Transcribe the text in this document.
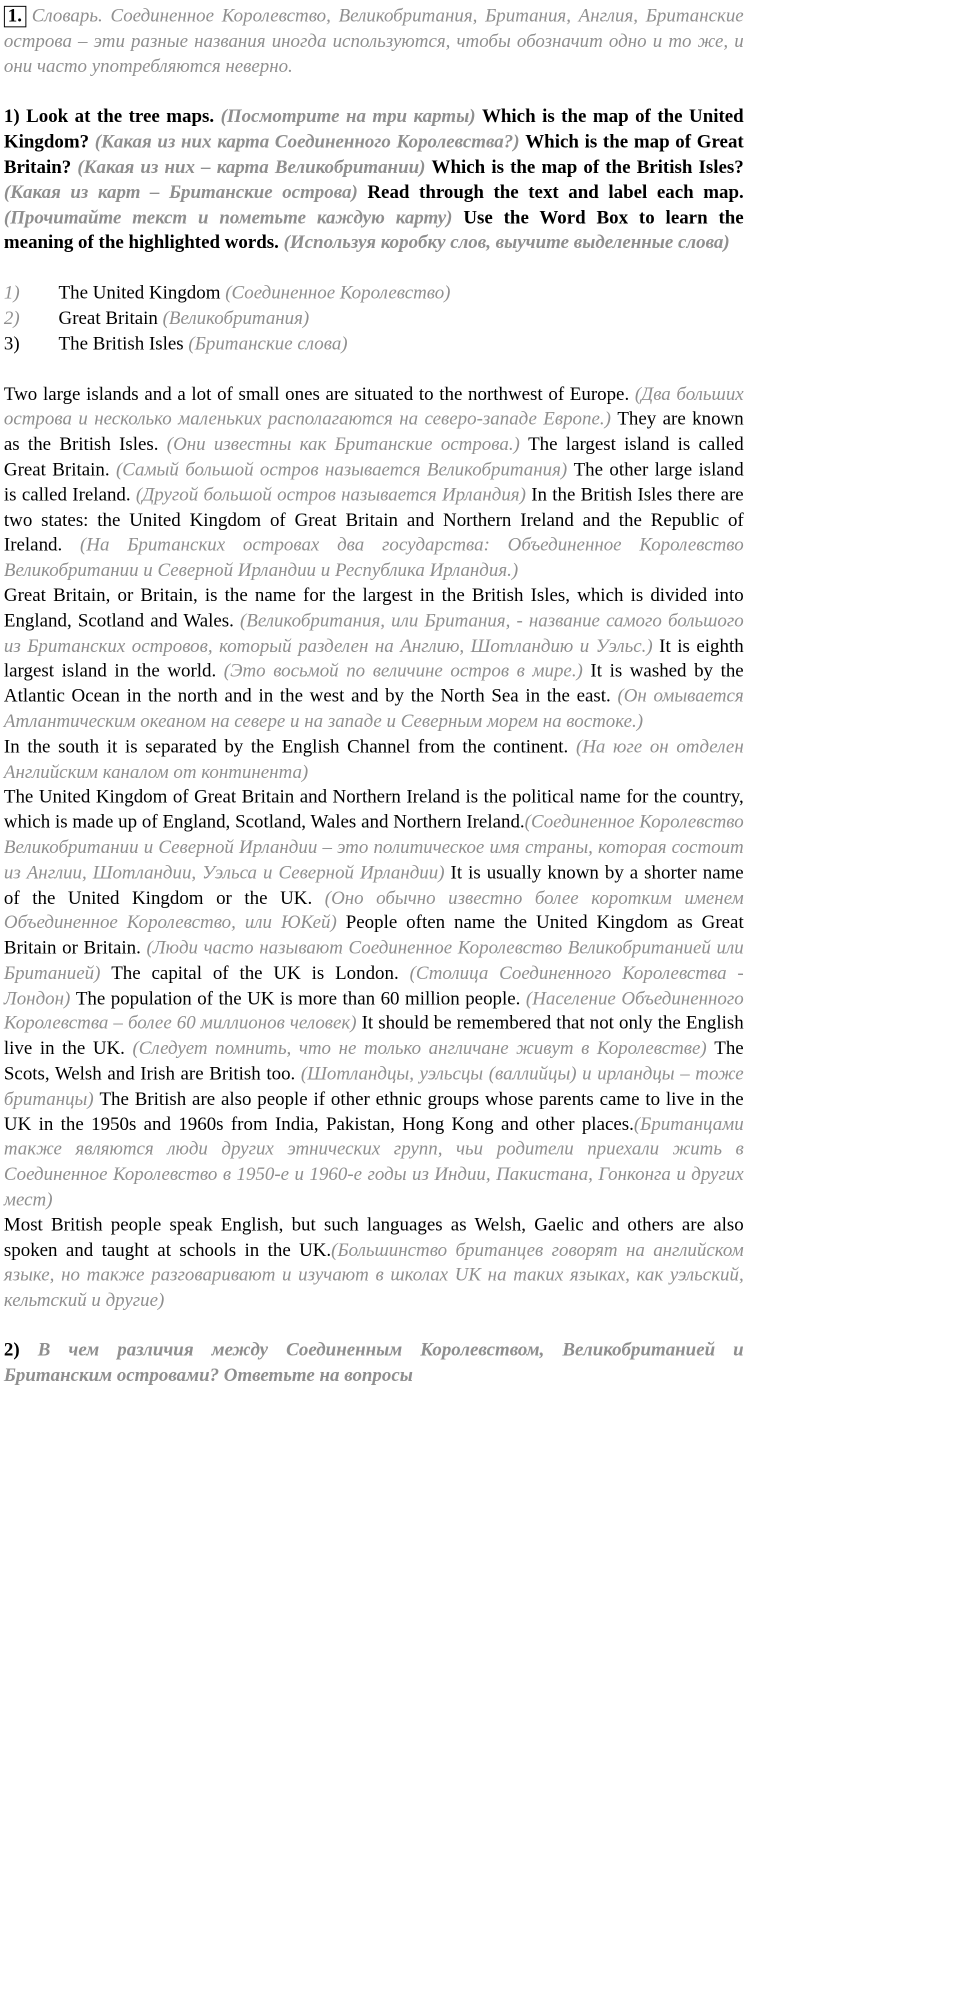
1. Словарь. Соединенное Королевство, Великобритания, Британия, Англия, Британские острова – эти разные названия иногда используются, чтобы обозначит одно и то же, и они часто употребляются неверно.

1) Look at the tree maps. (Посмотрите на три карты) Which is the map of the United Kingdom? (Какая из них карта Соединенного Королевства?) Which is the map of Great Britain? (Какая из них – карта Великобритании) Which is the map of the British Isles? (Какая из карт – Британские острова) Read through the text and label each map. (Прочитайте текст и пометьте каждую карту) Use the Word Box to learn the meaning of the highlighted words. (Используя коробку слов, выучите выделенные слова)

1)	The United Kingdom (Соединенное Королевство)
2)	Great Britain (Великобритания)
3)	The British Isles (Британские слова)

Two large islands and a lot of small ones are situated to the northwest of Europe. (Два больших острова и несколько маленьких располагаются на северо-западе Европе.) They are known as the British Isles. (Они известны как Британские острова.) The largest island is called Great Britain. (Самый большой остров называется Великобритания) The other large island is called Ireland. (Другой большой остров называется Ирландия) In the British Isles there are two states: the United Kingdom of Great Britain and Northern Ireland and the Republic of Ireland. (На Британских островах два государства: Объединенное Королевство Великобритании и Северной Ирландии и Республика Ирландия.)

Great Britain, or Britain, is the name for the largest in the British Isles, which is divided into England, Scotland and Wales. (Великобритания, или Британия, - название самого большого из Британских островов, который разделен на Англию, Шотландию и Уэльс.) It is eighth largest island in the world. (Это восьмой по величине остров в мире.) It is washed by the Atlantic Ocean in the north and in the west and by the North Sea in the east. (Он омывается Атлантическим океаном на севере и на западе и Северным морем на востоке.)

In the south it is separated by the English Channel from the continent. (На юге он отделен Английским каналом от континента)

The United Kingdom of Great Britain and Northern Ireland is the political name for the country, which is made up of England, Scotland, Wales and Northern Ireland.(Соединенное Королевство Великобритании и Северной Ирландии – это политическое имя страны, которая состоит из Англии, Шотландии, Уэльса и Северной Ирландии) It is usually known by a shorter name of the United Kingdom or the UK. (Оно обычно известно более коротким именем Объединенное Королевство, или ЮКей) People often name the United Kingdom as Great Britain or Britain. (Люди часто называют Соединенное Королевство Великобританией или Британией) The capital of the UK is London. (Столица Соединенного Королевства - Лондон) The population of the UK is more than 60 million people. (Население Объединенного Королевства – более 60 миллионов человек) It should be remembered that not only the English live in the UK. (Следует помнить, что не только англичане живут в Королевстве) The Scots, Welsh and Irish are British too. (Шотландцы, уэльсцы (валлийцы) и ирландцы – тоже британцы) The British are also people if other ethnic groups whose parents came to live in the UK in the 1950s and 1960s from India, Pakistan, Hong Kong and other places.(Британцами также являются люди других этнических групп, чьи родители приехали жить в Соединенное Королевство в 1950-е и 1960-е годы из Индии, Пакистана, Гонконга и других мест)

Most British people speak English, but such languages as Welsh, Gaelic and others are also spoken and taught at schools in the UK.(Большинство британцев говорят на английском языке, но также разговаривают и изучают в школах UK на таких языках, как уэльский, кельтский и другие)

2) В чем различия между Соединенным Королевством, Великобританией и Британским островами? Ответьте на вопросы
